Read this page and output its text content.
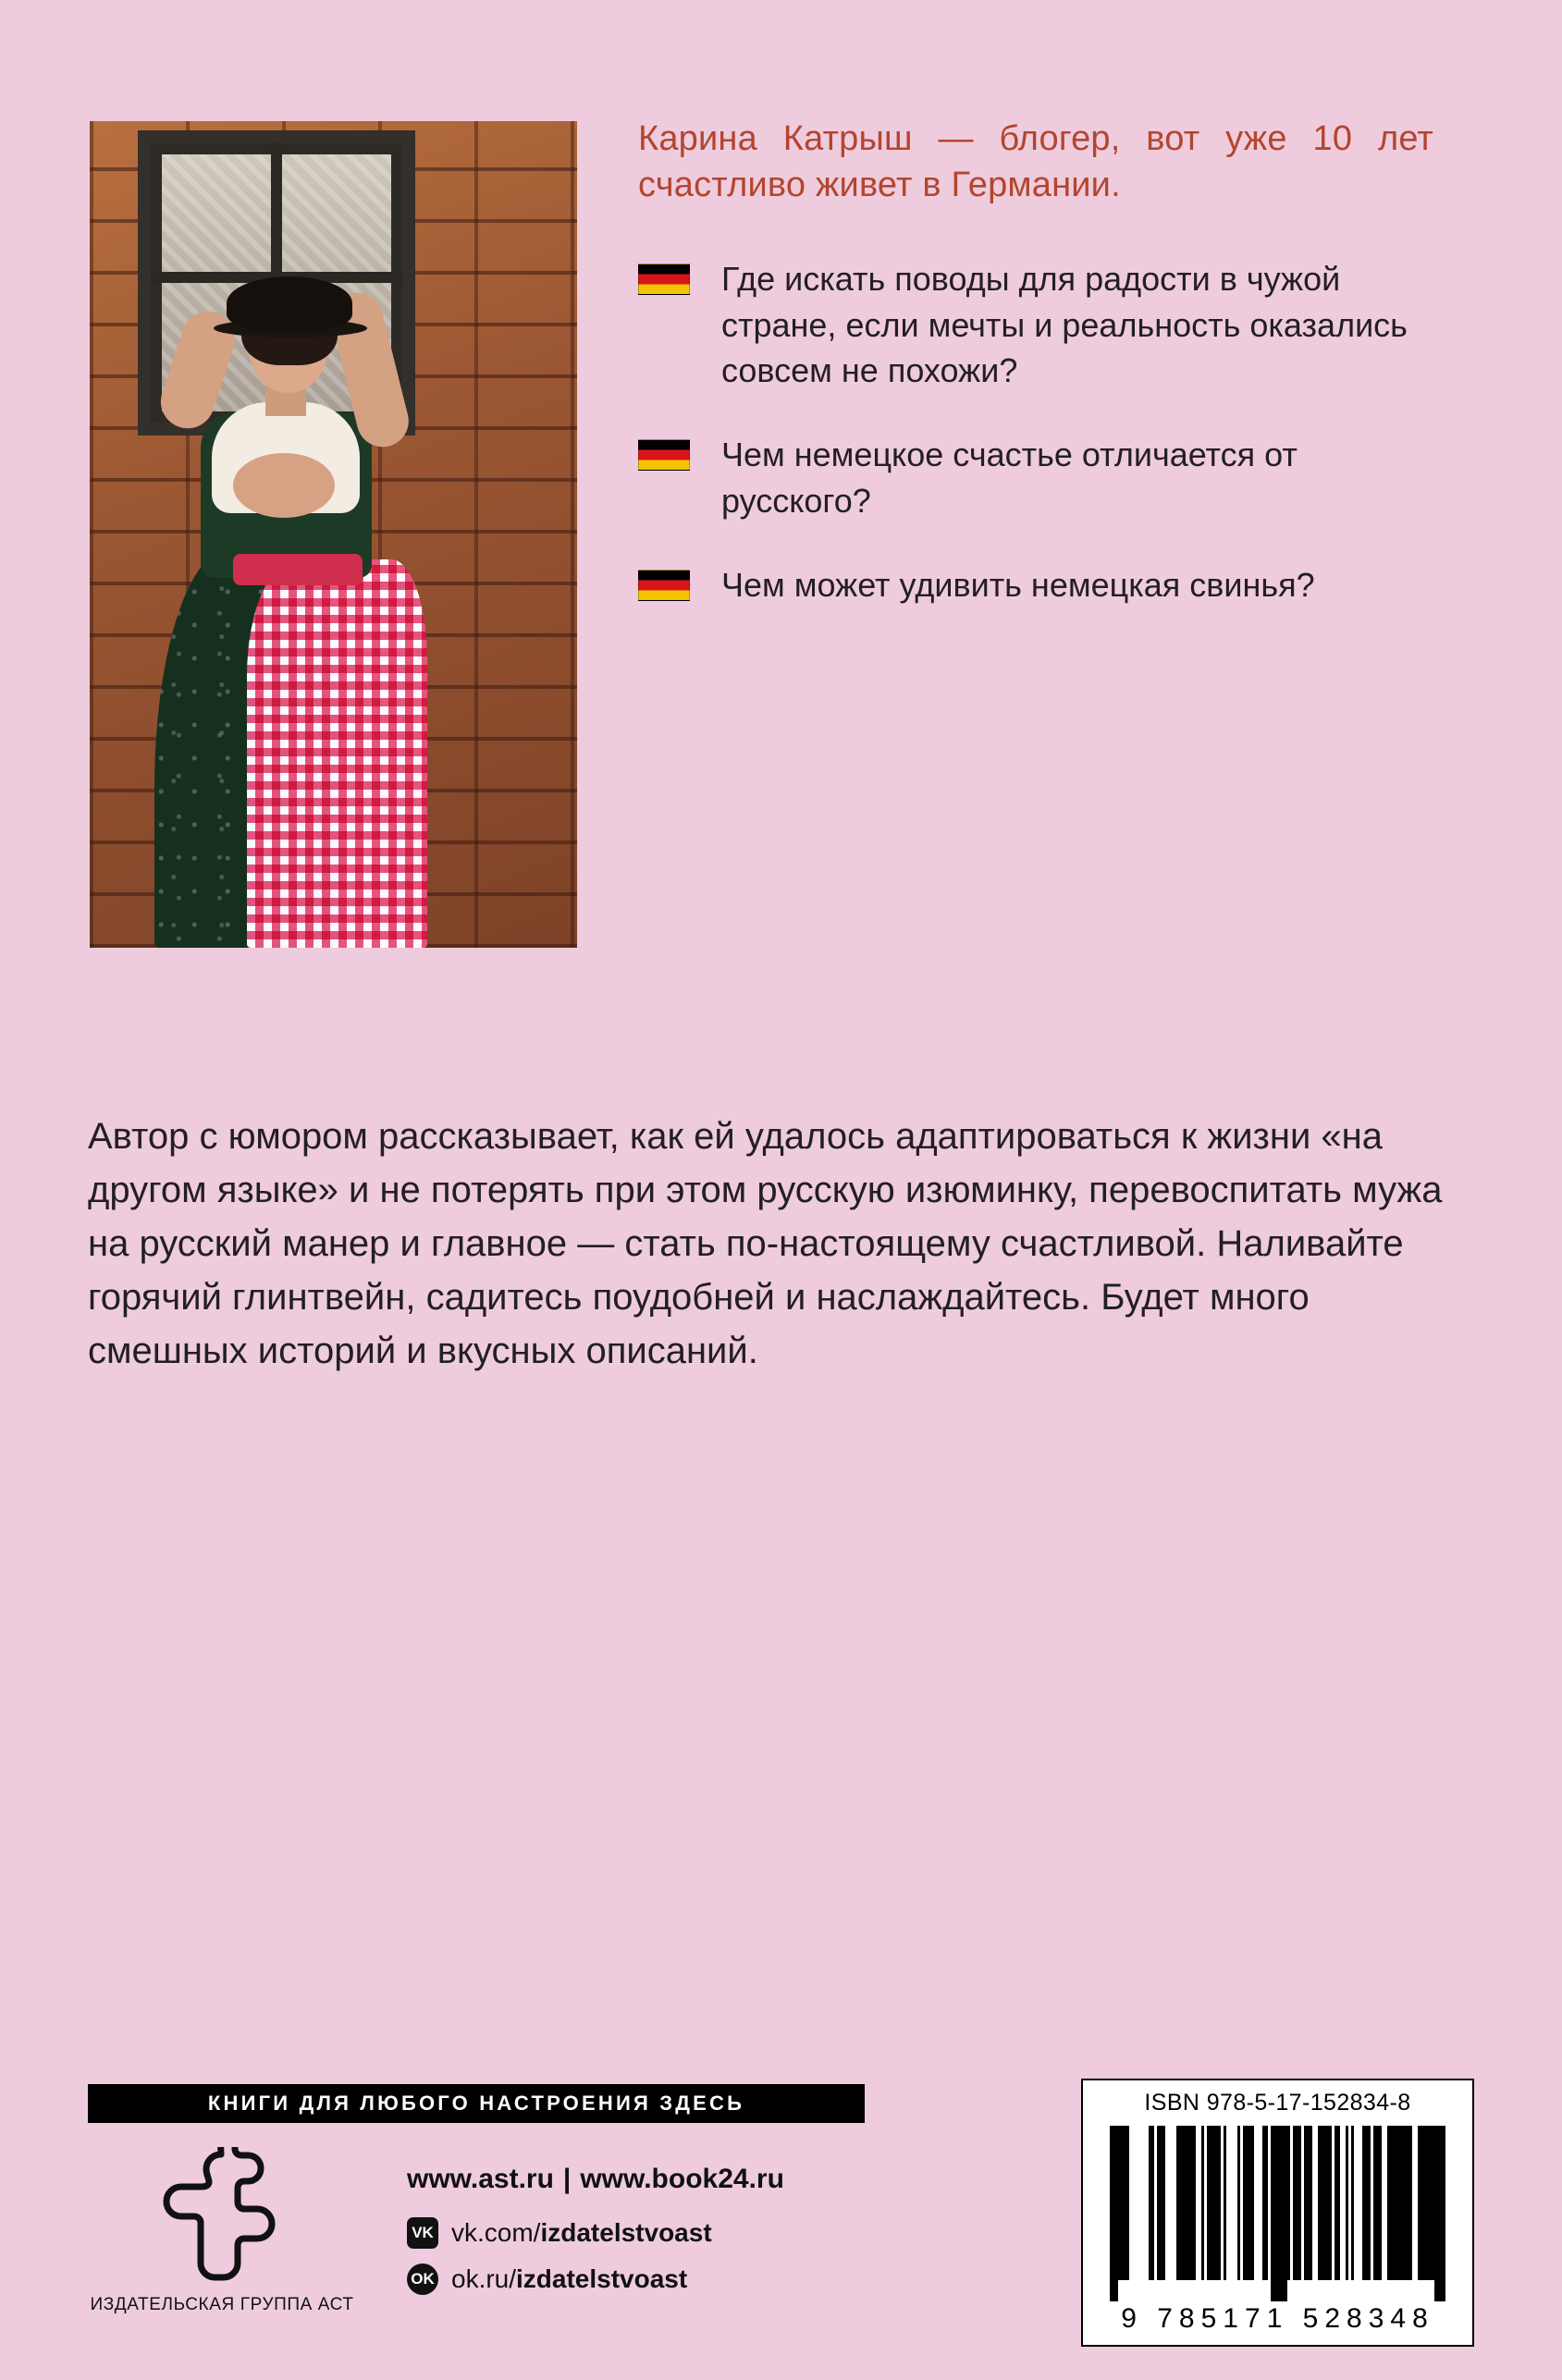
Карина Катрыш — блогер, вот уже 10 лет счастливо живет в Германии.

Где искать поводы для радости в чужой стране, если мечты и реальность оказались совсем не похожи?
Чем немецкое счастье отличается от русского?
Чем может удивить немецкая свинья?

Автор с юмором рассказывает, как ей удалось адаптироваться к жизни «на другом языке» и не потерять при этом русскую изюминку, перевоспитать мужа на русский манер и главное — стать по-настоящему счастливой. Наливайте горячий глинтвейн, садитесь поудобней и наслаждайтесь. Будет много смешных историй и вкусных описаний.

КНИГИ ДЛЯ ЛЮБОГО НАСТРОЕНИЯ ЗДЕСЬ
ИЗДАТЕЛЬСКАЯ ГРУППА АСТ
www.ast.ru | www.book24.ru
VK vk.com/ izdatelstvoast
OK ok.ru/ izdatelstvoast
ISBN 978-5-17-152834-8
9 785171 528348
